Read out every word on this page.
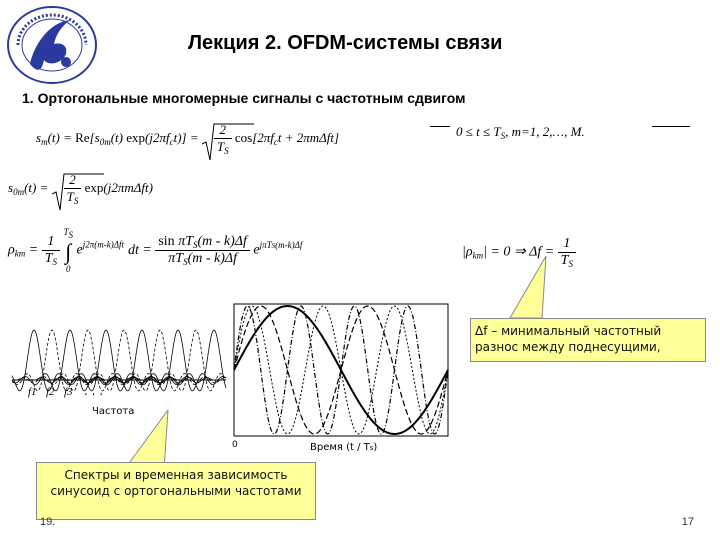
Лекция 2. OFDM-системы связи
1. Ортогональные многомерные сигналы с частотным сдвигом
$s_m(t) = Re[s_{0m}(t) \exp(j2\pi f_ct)] = \frac{2}{T_S} \cos[2\pi f_ct + 2\pi m\Delta ft]$	$0 \le t \le T_S$, m=1, 2,…, M.
$s_{0m}(t) = \frac{2}{T_S} \exp(j2\pi m\Delta ft)$
$\rho_{km} = \frac{1}{T_S}$

TS
∫
0
$e^{j2\pi(m-k)\Delta ft}$ dt = $\frac{\sin \pi T_S(m - k)\Delta f}{\pi T_S(m - k)\Delta f} e^{j\pi TS(m-k)\Delta f}$	$|\rho_{km}| = 0$ ⇒ $\Delta f = \frac{1}{T_S}$
f1 f2 f3 . . .
Частота
0	Время (t / Ts)
Δf – минимальный частотный разнос между поднесущими,
Спектры и временная зависимость синусоид с ортогональными частотами
19.	17
